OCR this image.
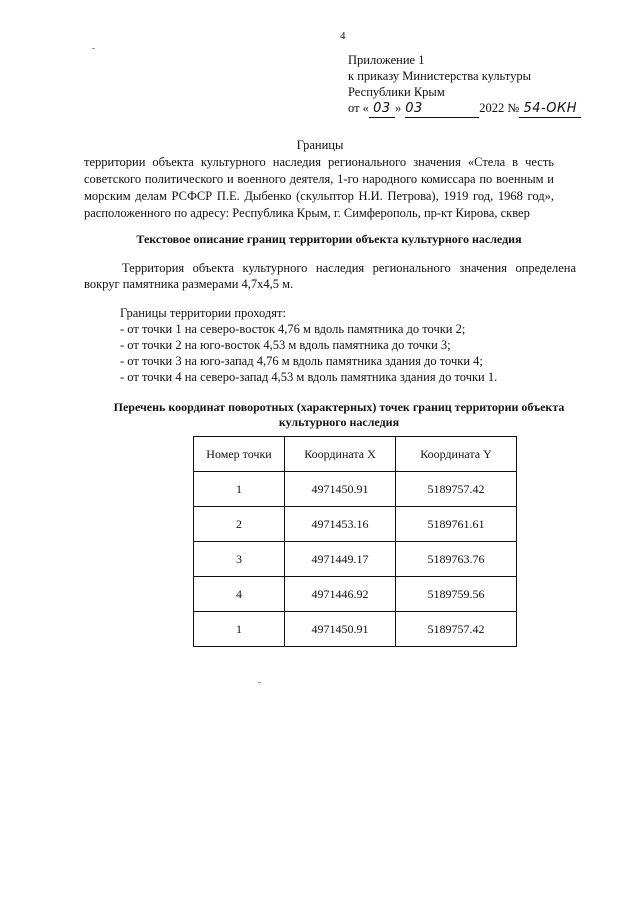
4
Приложение 1
к приказу Министерства культуры
Республики Крым
от « 03 » 03	2022 № 54-ОКН
Границы

территории объекта культурного наследия регионального значения «Стела в честь советского политического и военного деятеля, 1-го народного комиссара по военным и морским делам РСФСР П.Е. Дыбенко (скульптор Н.И. Петрова), 1919 год, 1968 год», расположенного по адресу: Республика Крым, г. Симферополь, пр-кт Кирова, сквер

Текстовое описание границ территории объекта культурного наследия
Территория объекта культурного наследия регионального значения определена вокруг памятника размерами 4,7х4,5 м.
Границы территории проходят:
- от точки 1 на северо-восток 4,76 м вдоль памятника до точки 2;
- от точки 2 на юго-восток 4,53 м вдоль памятника до точки 3;
- от точки 3 на юго-запад 4,76 м вдоль памятника здания до точки 4;
- от точки 4 на северо-запад 4,53 м вдоль памятника здания до точки 1.
Перечень координат поворотных (характерных) точек границ территории объекта
культурного наследия
Номер точки	Координата X	Координата Y
1	4971450.91	5189757.42
2	4971453.16	5189761.61
3	4971449.17	5189763.76
4	4971446.92	5189759.56
1	4971450.91	5189757.42
